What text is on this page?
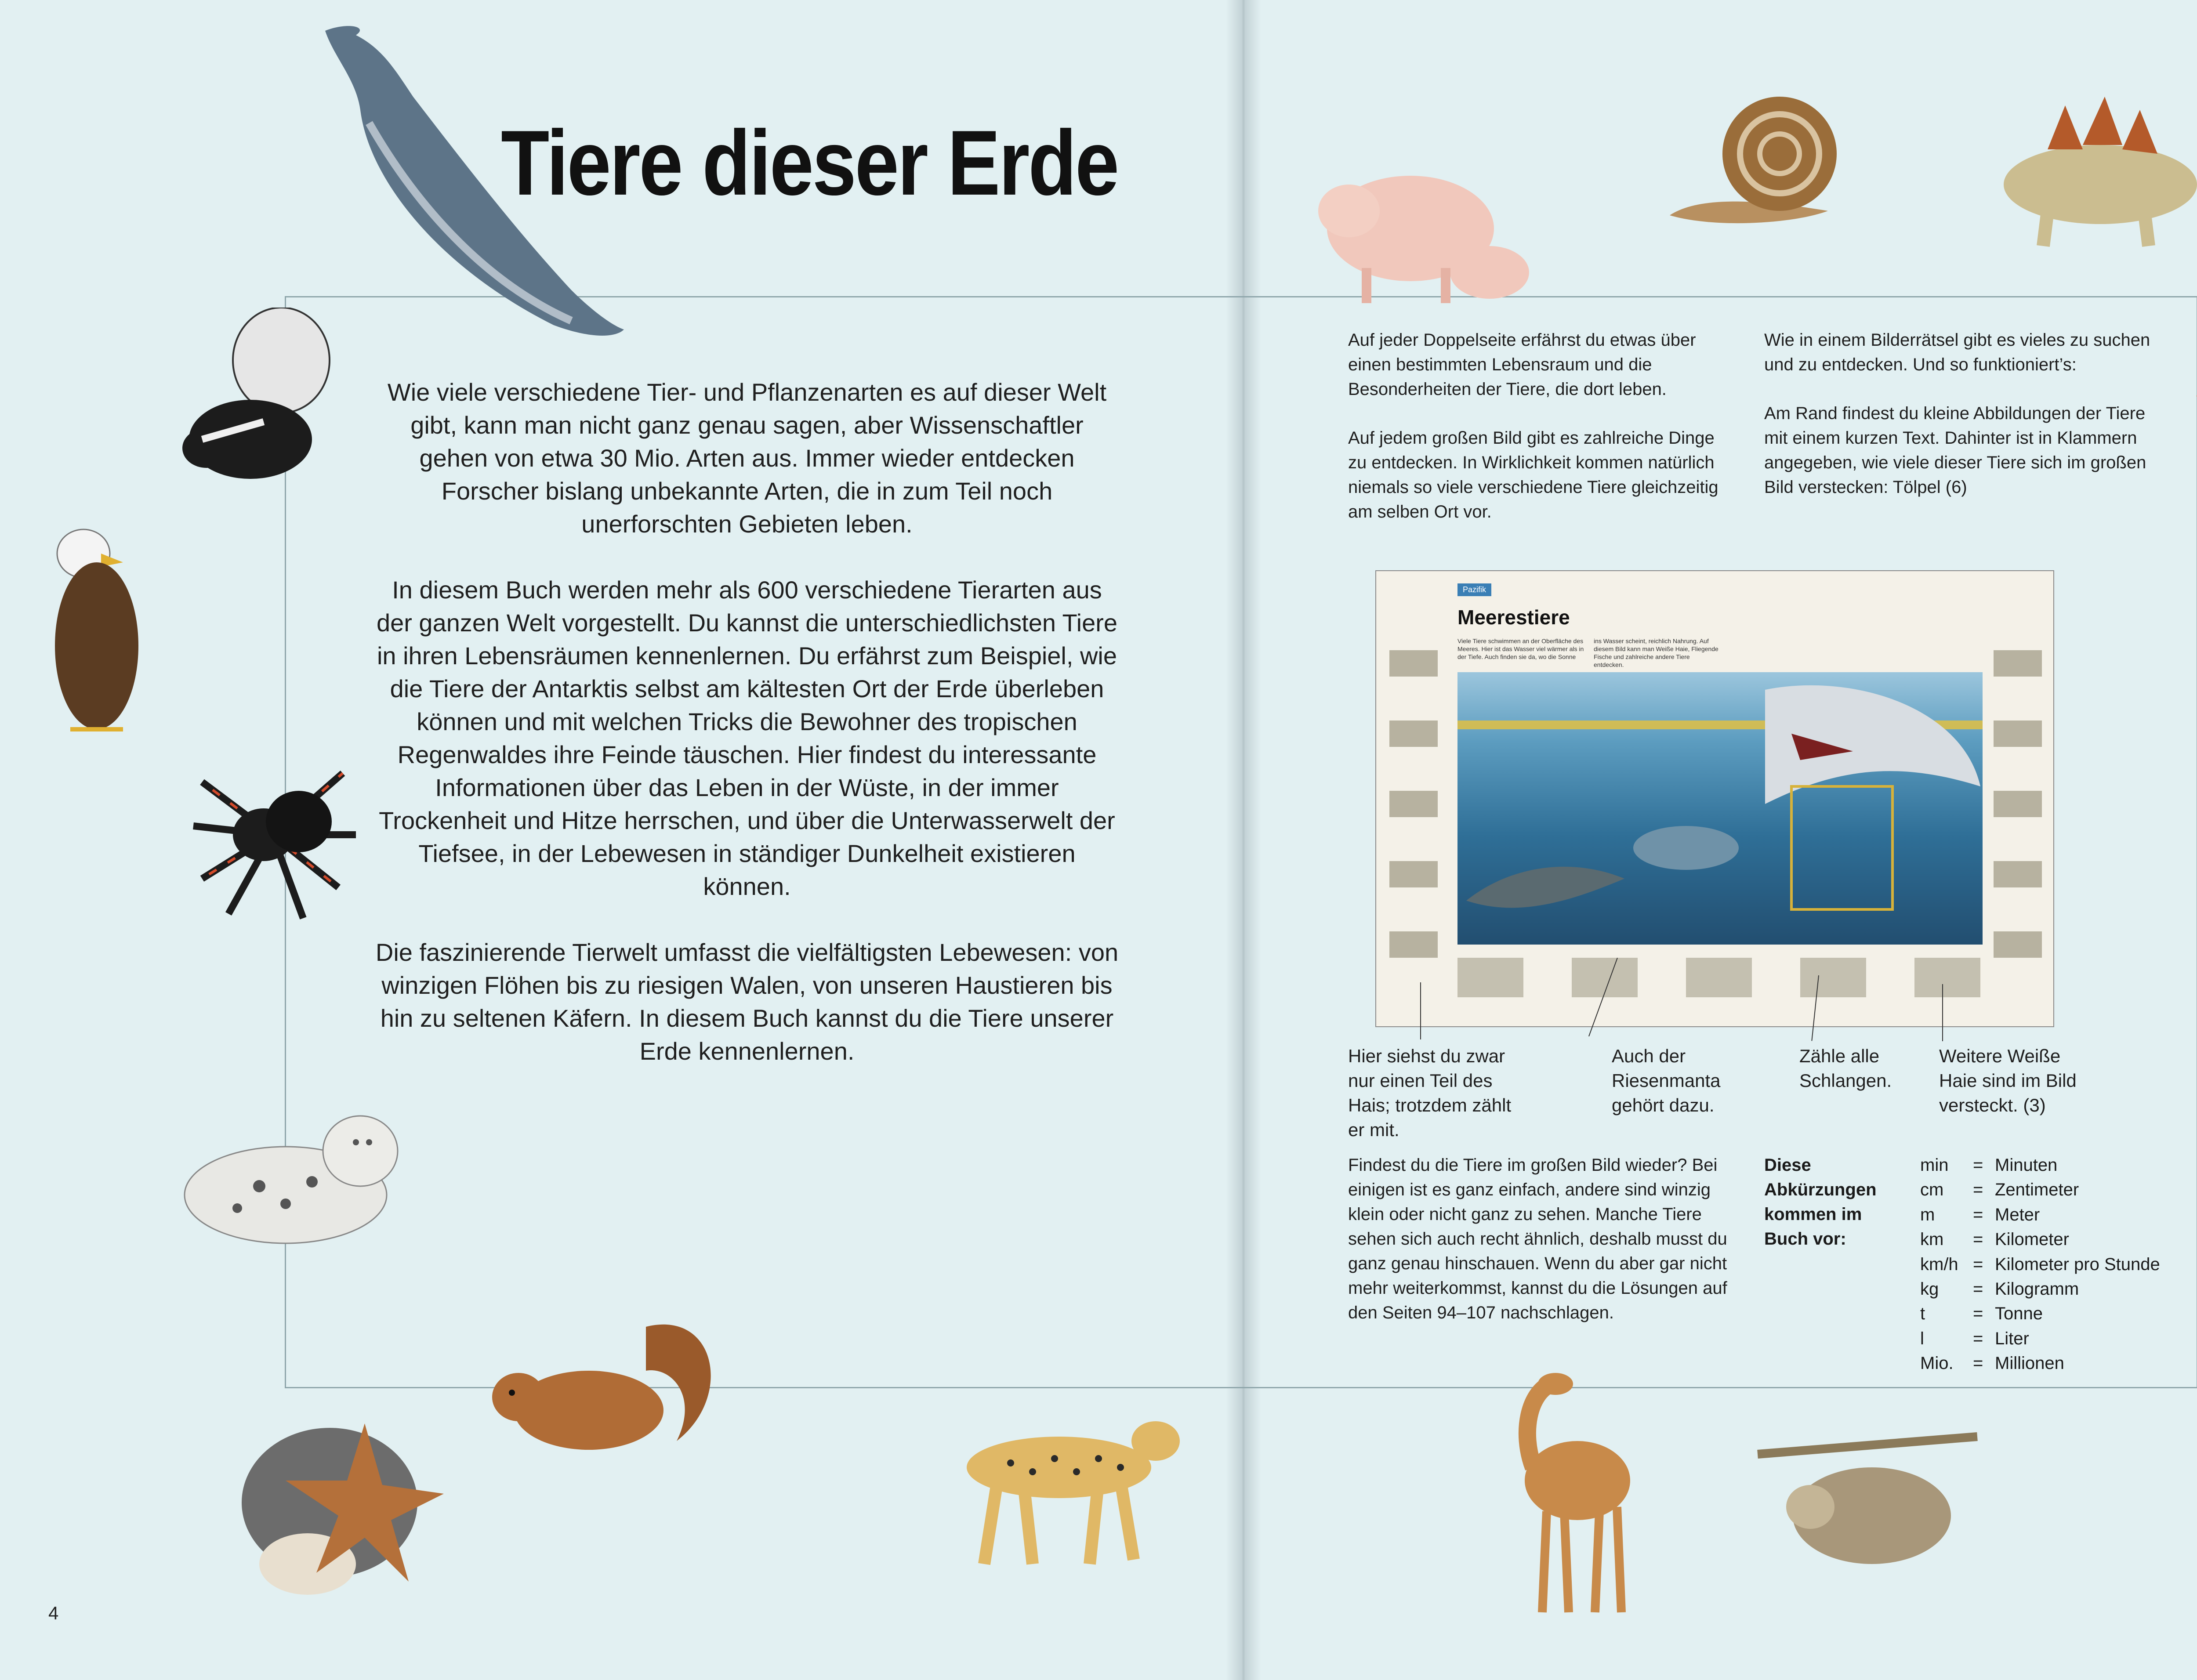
Tiere dieser Erde

Wie viele verschiedene Tier- und Pflanzenarten es auf dieser Welt gibt, kann man nicht ganz genau sagen, aber Wissenschaftler gehen von etwa 30 Mio. Arten aus. Immer wieder entdecken Forscher bislang unbekannte Arten, die in zum Teil noch unerforschten Gebieten leben.

In diesem Buch werden mehr als 600 verschiedene Tierarten aus der ganzen Welt vorgestellt. Du kannst die unterschiedlichsten Tiere in ihren Lebensräumen kennenlernen. Du erfährst zum Beispiel, wie die Tiere der Antarktis selbst am kältesten Ort der Erde überleben können und mit welchen Tricks die Bewohner des tropischen Regenwaldes ihre Feinde täuschen. Hier findest du interessante Informationen über das Leben in der Wüste, in der immer Trockenheit und Hitze herrschen, und über die Unterwasserwelt der Tiefsee, in der Lebewesen in ständiger Dunkelheit existieren können.

Die faszinierende Tierwelt umfasst die vielfältigsten Lebewesen: von winzigen Flöhen bis zu riesigen Walen, von unseren Haustieren bis hin zu seltenen Käfern. In diesem Buch kannst du die Tiere unserer Erde kennenlernen.

4

Auf jeder Doppelseite erfährst du etwas über einen bestimmten Lebensraum und die Besonderheiten der Tiere, die dort leben.

Auf jedem großen Bild gibt es zahlreiche Dinge zu entdecken. In Wirklichkeit kommen natürlich niemals so viele verschiedene Tiere gleichzeitig am selben Ort vor.

Wie in einem Bilderrätsel gibt es vieles zu suchen und zu entdecken. Und so funktioniert’s:

Am Rand findest du kleine Abbildungen der Tiere mit einem kurzen Text. Dahinter ist in Klammern angegeben, wie viele dieser Tiere sich im großen Bild verstecken: Tölpel (6)

Pazifik
Meerestiere
Viele Tiere schwimmen an der Oberfläche des Meeres. Hier ist das Wasser viel wärmer als in der Tiefe. Auch finden sie da, wo die Sonne
ins Wasser scheint, reichlich Nahrung. Auf diesem Bild kann man Weiße Haie, Fliegende Fische und zahlreiche andere Tiere entdecken.
Hier siehst du zwar nur einen Teil des Hais; trotzdem zählt er mit.
Auch der Riesenmanta gehört dazu.
Zähle alle Schlangen.
Weitere Weiße Haie sind im Bild versteckt. (3)
Findest du die Tiere im großen Bild wieder? Bei einigen ist es ganz einfach, andere sind winzig klein oder nicht ganz zu sehen. Manche Tiere sehen sich auch recht ähnlich, deshalb musst du ganz genau hinschauen. Wenn du aber gar nicht mehr weiterkommst, kannst du die Lösungen auf den Seiten 94–107 nachschlagen.
Diese Abkürzungen kommen im Buch vor:
min	= Minuten
cm	= Zentimeter
m	= Meter
km	= Kilometer
km/h = Kilometer pro Stunde
kg	= Kilogramm
t	= Tonne
l	= Liter
Mio.	= Millionen
